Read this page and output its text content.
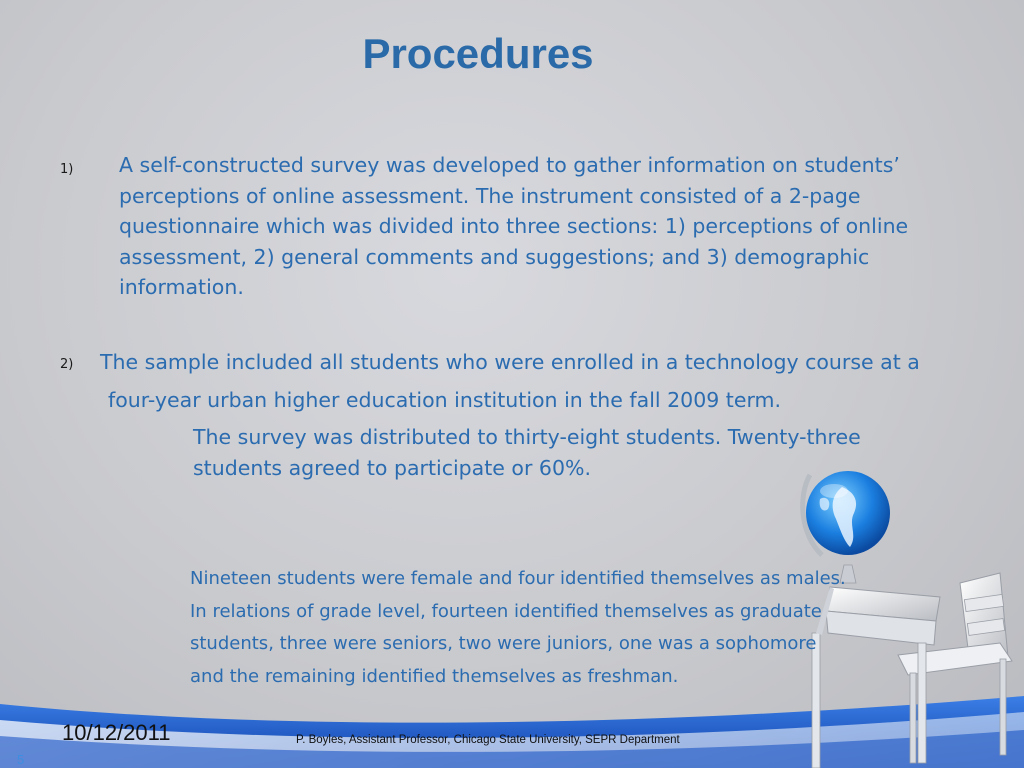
Procedures
1) A self-constructed survey was developed to gather information on students’
perceptions of online assessment. The instrument consisted of a 2-page
questionnaire which was divided into three sections: 1) perceptions of online
assessment, 2) general comments and suggestions; and 3) demographic
information.
2) The sample included all students who were enrolled in a technology course at a
four-year urban higher education institution in the fall 2009 term.
The survey was distributed to thirty-eight students. Twenty-three
students agreed to participate or 60%.
Nineteen students were female and four identified themselves as males.
In relations of grade level, fourteen identified themselves as graduate
students, three were seniors, two were juniors, one was a sophomore
and the remaining identified themselves as freshman.
10/12/2011	P. Boyles, Assistant Professor, Chicago State University, SEPR Department
5
